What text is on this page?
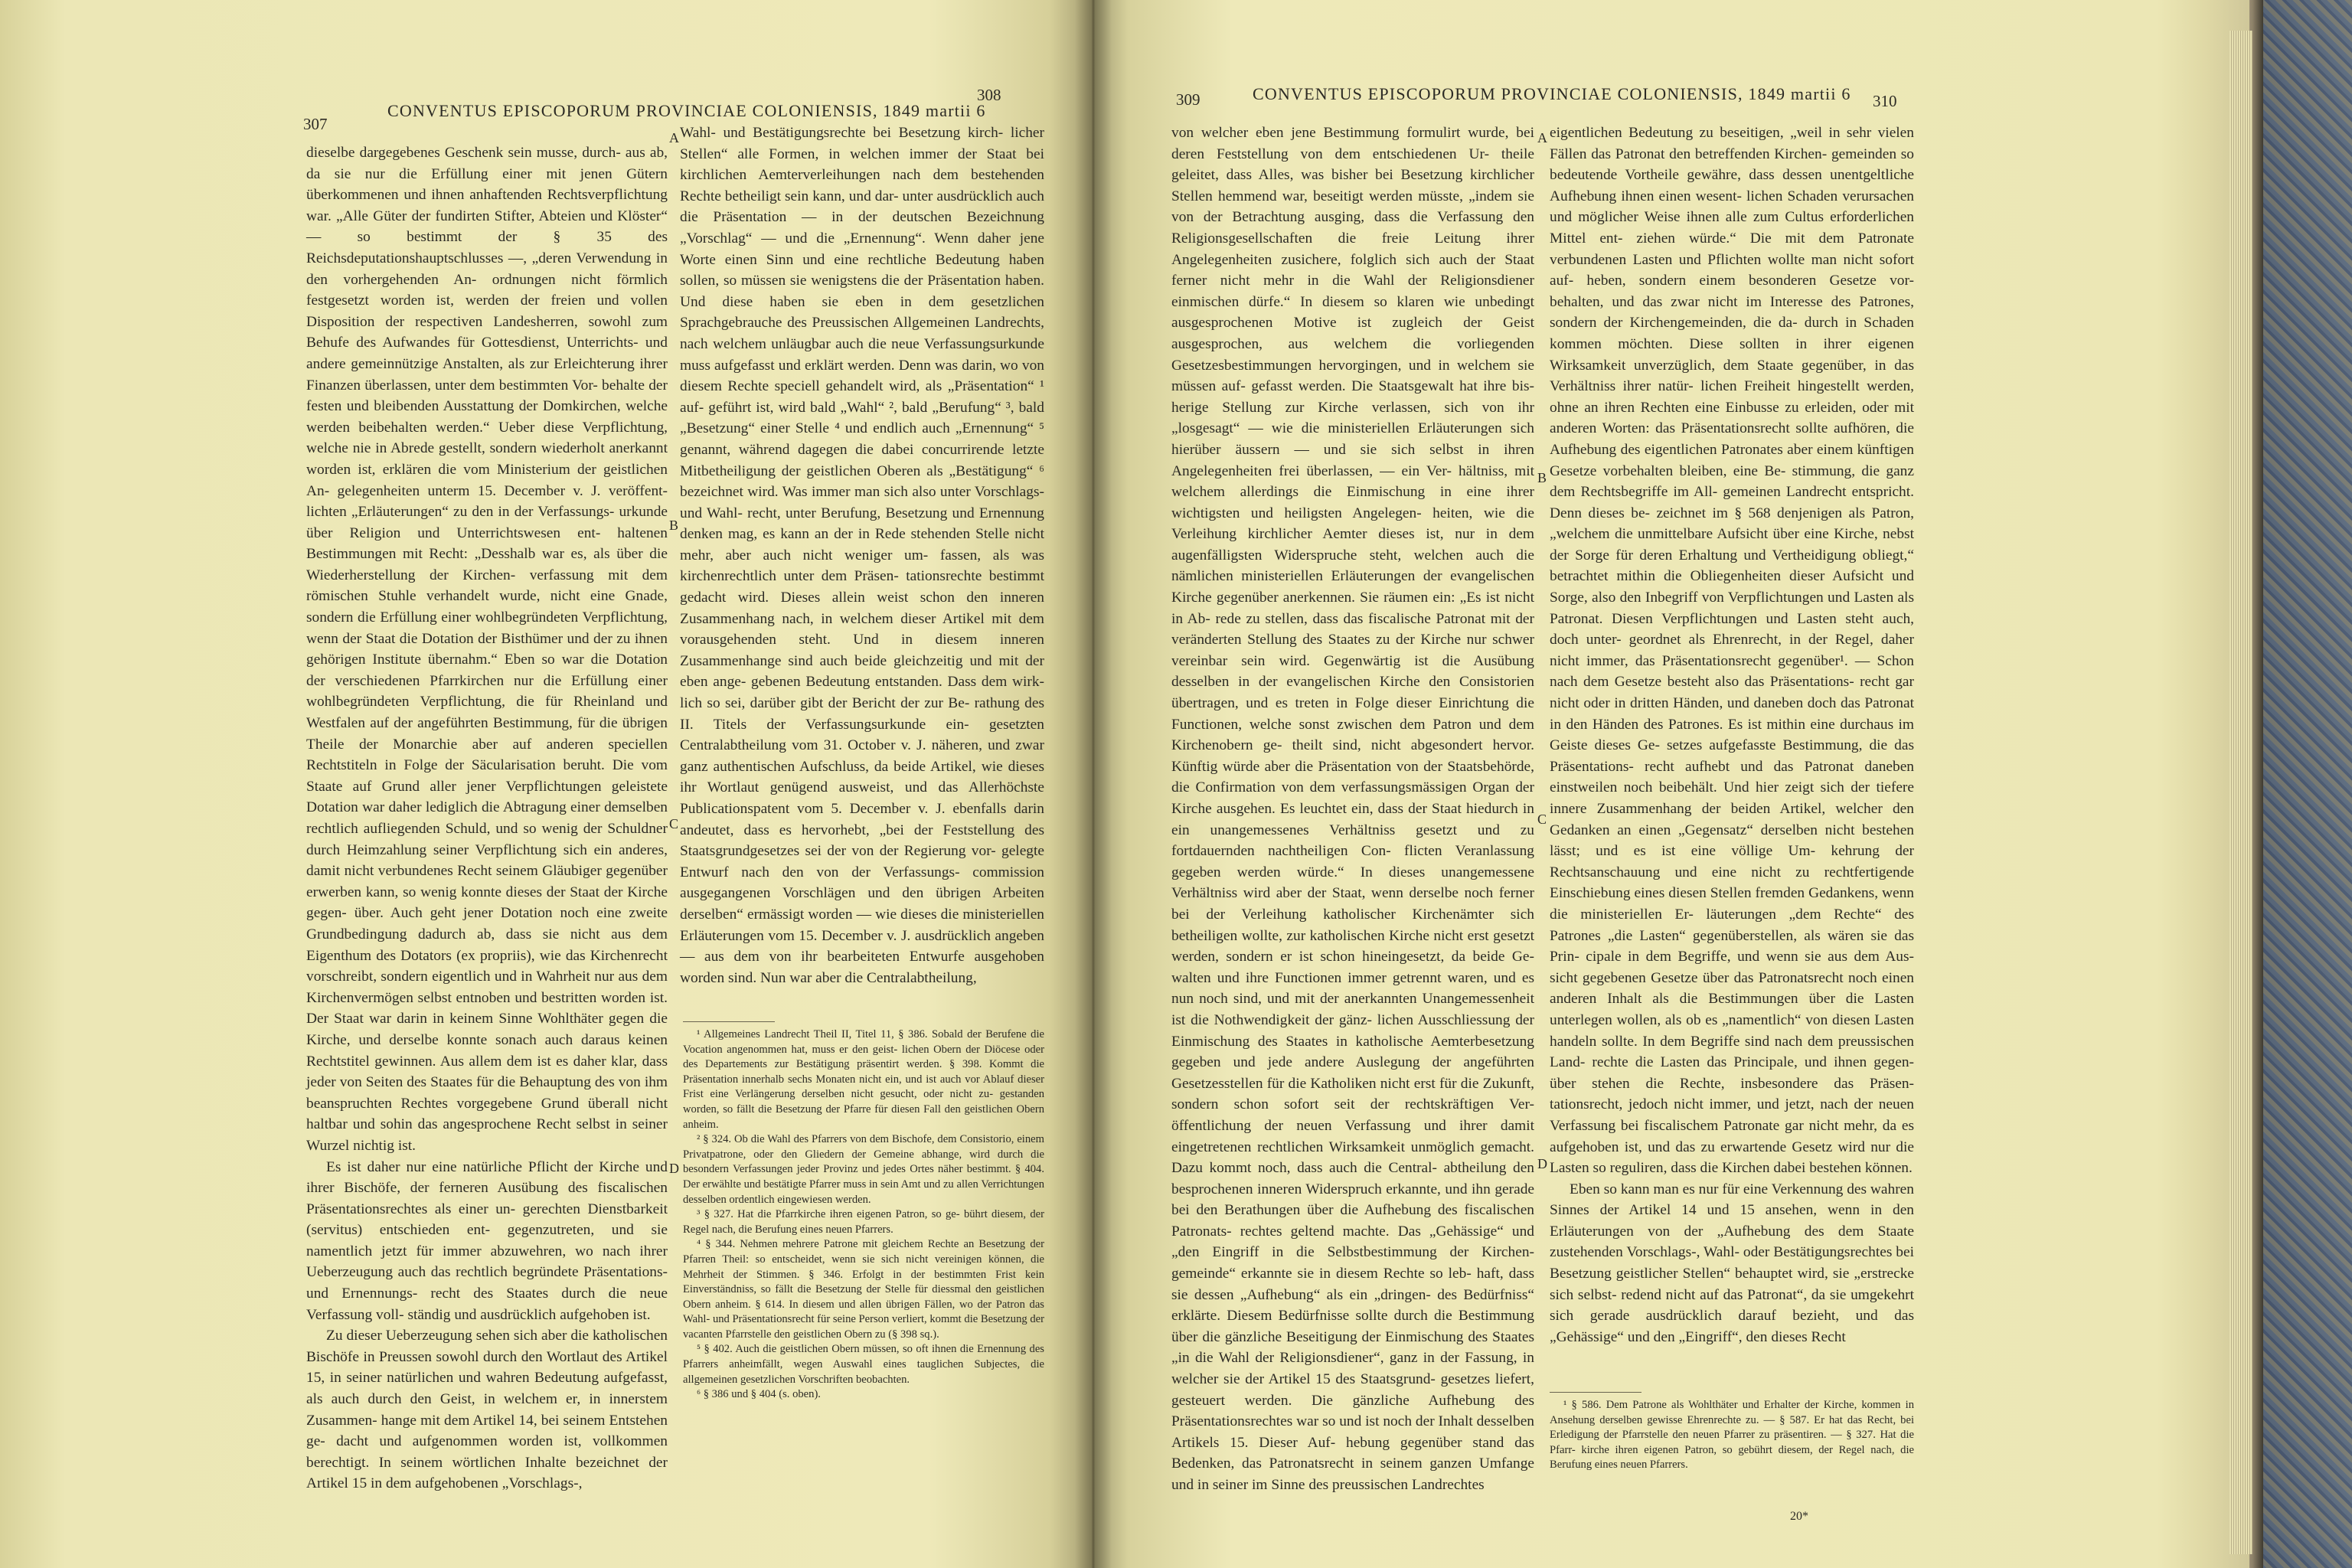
307
CONVENTUS EPISCOPORUM PROVINCIAE COLONIENSIS, 1849 martii 6
308	309	CONVENTUS EPISCOPORUM PROVINCIAE COLONIENSIS, 1849 martii 6 310

dieselbe dargegebenes Geschenk sein musse, durch- aus ab, da sie nur die Erfüllung einer mit jenen Gütern überkommenen und ihnen anhaftenden Rechtsverpflichtung war. „Alle Güter der fundirten Stifter, Abteien und Klöster“ — so bestimmt der § 35 des Reichsdeputationshauptschlusses —, „deren Verwendung in den vorhergehenden An- ordnungen nicht förmlich festgesetzt worden ist, werden der freien und vollen Disposition der respectiven Landesherren, sowohl zum Behufe des Aufwandes für Gottesdienst, Unterrichts- und andere gemeinnützige Anstalten, als zur Erleichterung ihrer Finanzen überlassen, unter dem bestimmten Vor- behalte der festen und bleibenden Ausstattung der Domkirchen, welche werden beibehalten werden.“ Ueber diese Verpflichtung, welche nie in Abrede gestellt, sondern wiederholt anerkannt worden ist, erklären die vom Ministerium der geistlichen An- gelegenheiten unterm 15. December v. J. veröffent- lichten „Erläuterungen“ zu den in der Verfassungs- urkunde über Religion und Unterrichtswesen ent- haltenen Bestimmungen mit Recht: „Desshalb war es, als über die Wiederherstellung der Kirchen- verfassung mit dem römischen Stuhle verhandelt wurde, nicht eine Gnade, sondern die Erfüllung einer wohlbegründeten Verpflichtung, wenn der Staat die Dotation der Bisthümer und der zu ihnen gehörigen Institute übernahm.“ Eben so war die Dotation der verschiedenen Pfarrkirchen nur die Erfüllung einer wohlbegründeten Verpflichtung, die für Rheinland und Westfalen auf der angeführten Bestimmung, für die übrigen Theile der Monarchie aber auf anderen speciellen Rechtstiteln in Folge der Säcularisation beruht. Die vom Staate auf Grund aller jener Verpflichtungen geleistete Dotation war daher lediglich die Abtragung einer demselben rechtlich aufliegenden Schuld, und so wenig der Schuldner durch Heimzahlung seiner Verpflichtung sich ein anderes, damit nicht verbundenes Recht seinem Gläubiger gegenüber erwerben kann, so wenig konnte dieses der Staat der Kirche gegen- über. Auch geht jener Dotation noch eine zweite Grundbedingung dadurch ab, dass sie nicht aus dem Eigenthum des Dotators (ex propriis), wie das Kirchenrecht vorschreibt, sondern eigentlich und in Wahrheit nur aus dem Kirchenvermögen selbst entnoben und bestritten worden ist. Der Staat war darin in keinem Sinne Wohlthäter gegen die Kirche, und derselbe konnte sonach auch daraus keinen Rechtstitel gewinnen. Aus allem dem ist es daher klar, dass jeder von Seiten des Staates für die Behauptung des von ihm beanspruchten Rechtes vorgegebene Grund überall nicht haltbar und sohin das angesprochene Recht selbst in seiner Wurzel nichtig ist.

Es ist daher nur eine natürliche Pflicht der Kirche und ihrer Bischöfe, der ferneren Ausübung des fiscalischen Präsentationsrechtes als einer un- gerechten Dienstbarkeit (servitus) entschieden ent- gegenzutreten, und sie namentlich jetzt für immer abzuwehren, wo nach ihrer Ueberzeugung auch das rechtlich begründete Präsentations- und Ernennungs- recht des Staates durch die neue Verfassung voll- ständig und ausdrücklich aufgehoben ist.

Zu dieser Ueberzeugung sehen sich aber die katholischen Bischöfe in Preussen sowohl durch den Wortlaut des Artikel 15, in seiner natürlichen und wahren Bedeutung aufgefasst, als auch durch den Geist, in welchem er, in innerstem Zusammen- hange mit dem Artikel 14, bei seinem Entstehen ge- dacht und aufgenommen worden ist, vollkommen berechtigt. In seinem wörtlichen Inhalte bezeichnet der Artikel 15 in dem aufgehobenen „Vorschlags-,

Wahl- und Bestätigungsrechte bei Besetzung kirch- licher Stellen“ alle Formen, in welchen immer der Staat bei kirchlichen Aemterverleihungen nach dem bestehenden Rechte betheiligt sein kann, und dar- unter ausdrücklich auch die Präsentation — in der deutschen Bezeichnung „Vorschlag“ — und die „Ernennung“. Wenn daher jene Worte einen Sinn und eine rechtliche Bedeutung haben sollen, so müssen sie wenigstens die der Präsentation haben. Und diese haben sie eben in dem gesetzlichen Sprachgebrauche des Preussischen Allgemeinen Landrechts, nach welchem unläugbar auch die neue Verfassungsurkunde muss aufgefasst und erklärt werden. Denn was darin, wo von diesem Rechte speciell gehandelt wird, als „Präsentation“ ¹ auf- geführt ist, wird bald „Wahl“ ², bald „Berufung“ ³, bald „Besetzung“ einer Stelle ⁴ und endlich auch „Ernennung“ ⁵ genannt, während dagegen die dabei concurrirende letzte Mitbetheiligung der geistlichen Oberen als „Bestätigung“ ⁶ bezeichnet wird. Was immer man sich also unter Vorschlags- und Wahl- recht, unter Berufung, Besetzung und Ernennung denken mag, es kann an der in Rede stehenden Stelle nicht mehr, aber auch nicht weniger um- fassen, als was kirchenrechtlich unter dem Präsen- tationsrechte bestimmt gedacht wird. Dieses allein weist schon den inneren Zusammenhang nach, in welchem dieser Artikel mit dem vorausgehenden steht. Und in diesem inneren Zusammenhange sind auch beide gleichzeitig und mit der eben ange- gebenen Bedeutung entstanden. Dass dem wirk- lich so sei, darüber gibt der Bericht der zur Be- rathung des II. Titels der Verfassungsurkunde ein- gesetzten Centralabtheilung vom 31. October v. J. näheren, und zwar ganz authentischen Aufschluss, da beide Artikel, wie dieses ihr Wortlaut genügend ausweist, und das Allerhöchste Publicationspatent vom 5. December v. J. ebenfalls darin andeutet, dass es hervorhebt, „bei der Feststellung des Staatsgrundgesetzes sei der von der Regierung vor- gelegte Entwurf nach den von der Verfassungs- commission ausgegangenen Vorschlägen und den übrigen Arbeiten derselben“ ermässigt worden — wie dieses die ministeriellen Erläuterungen vom 15. December v. J. ausdrücklich angeben — aus dem von ihr bearbeiteten Entwurfe ausgehoben worden sind. Nun war aber die Centralabtheilung,

¹ Allgemeines Landrecht Theil II, Titel 11, § 386. Sobald der Berufene die Vocation angenommen hat, muss er den geist- lichen Obern der Diöcese oder des Departements zur Bestätigung präsentirt werden. § 398. Kommt die Präsentation innerhalb sechs Monaten nicht ein, und ist auch vor Ablauf dieser Frist eine Verlängerung derselben nicht gesucht, oder nicht zu- gestanden worden, so fällt die Besetzung der Pfarre für diesen Fall den geistlichen Obern anheim.

² § 324. Ob die Wahl des Pfarrers von dem Bischofe, dem Consistorio, einem Privatpatrone, oder den Gliedern der Gemeine abhange, wird durch die besondern Verfassungen jeder Provinz und jedes Ortes näher bestimmt. § 404. Der erwählte und bestätigte Pfarrer muss in sein Amt und zu allen Verrichtungen desselben ordentlich eingewiesen werden.

³ § 327. Hat die Pfarrkirche ihren eigenen Patron, so ge- bührt diesem, der Regel nach, die Berufung eines neuen Pfarrers.

⁴ § 344. Nehmen mehrere Patrone mit gleichem Rechte an Besetzung der Pfarren Theil: so entscheidet, wenn sie sich nicht vereinigen können, die Mehrheit der Stimmen. § 346. Erfolgt in der bestimmten Frist kein Einverständniss, so fällt die Besetzung der Stelle für diessmal den geistlichen Obern anheim. § 614. In diesem und allen übrigen Fällen, wo der Patron das Wahl- und Präsentationsrecht für seine Person verliert, kommt die Besetzung der vacanten Pfarrstelle den geistlichen Obern zu (§ 398 sq.).

⁵ § 402. Auch die geistlichen Obern müssen, so oft ihnen die Ernennung des Pfarrers anheimfällt, wegen Auswahl eines tauglichen Subjectes, die allgemeinen gesetzlichen Vorschriften beobachten.

⁶ § 386 und § 404 (s. oben).

A
B
C
D

von welcher eben jene Bestimmung formulirt wurde, bei deren Feststellung von dem entschiedenen Ur- theile geleitet, dass Alles, was bisher bei Besetzung kirchlicher Stellen hemmend war, beseitigt werden müsste, „indem sie von der Betrachtung ausging, dass die Verfassung den Religionsgesellschaften die freie Leitung ihrer Angelegenheiten zusichere, folglich sich auch der Staat ferner nicht mehr in die Wahl der Religionsdiener einmischen dürfe.“ In diesem so klaren wie unbedingt ausgesprochenen Motive ist zugleich der Geist ausgesprochen, aus welchem die vorliegenden Gesetzesbestimmungen hervorgingen, und in welchem sie müssen auf- gefasst werden. Die Staatsgewalt hat ihre bis- herige Stellung zur Kirche verlassen, sich von ihr „losgesagt“ — wie die ministeriellen Erläuterungen sich hierüber äussern — und sie sich selbst in ihren Angelegenheiten frei überlassen, — ein Ver- hältniss, mit welchem allerdings die Einmischung in eine ihrer wichtigsten und heiligsten Angelegen- heiten, wie die Verleihung kirchlicher Aemter dieses ist, nur in dem augenfälligsten Widerspruche steht, welchen auch die nämlichen ministeriellen Erläuterungen der evangelischen Kirche gegenüber anerkennen. Sie räumen ein: „Es ist nicht in Ab- rede zu stellen, dass das fiscalische Patronat mit der veränderten Stellung des Staates zu der Kirche nur schwer vereinbar sein wird. Gegenwärtig ist die Ausübung desselben in der evangelischen Kirche den Consistorien übertragen, und es treten in Folge dieser Einrichtung die Functionen, welche sonst zwischen dem Patron und dem Kirchenobern ge- theilt sind, nicht abgesondert hervor. Künftig würde aber die Präsentation von der Staatsbehörde, die Confirmation von dem verfassungsmässigen Organ der Kirche ausgehen. Es leuchtet ein, dass der Staat hiedurch in ein unangemessenes Verhältniss gesetzt und zu fortdauernden nachtheiligen Con- flicten Veranlassung gegeben werden würde.“ In dieses unangemessene Verhältniss wird aber der Staat, wenn derselbe noch ferner bei der Verleihung katholischer Kirchenämter sich betheiligen wollte, zur katholischen Kirche nicht erst gesetzt werden, sondern er ist schon hineingesetzt, da beide Ge- walten und ihre Functionen immer getrennt waren, und es nun noch sind, und mit der anerkannten Unangemessenheit ist die Nothwendigkeit der gänz- lichen Ausschliessung der Einmischung des Staates in katholische Aemterbesetzung gegeben und jede andere Auslegung der angeführten Gesetzesstellen für die Katholiken nicht erst für die Zukunft, sondern schon sofort seit der rechtskräftigen Ver- öffentlichung der neuen Verfassung und ihrer damit eingetretenen rechtlichen Wirksamkeit unmöglich gemacht. Dazu kommt noch, dass auch die Central- abtheilung den besprochenen inneren Widerspruch erkannte, und ihn gerade bei den Berathungen über die Aufhebung des fiscalischen Patronats- rechtes geltend machte. Das „Gehässige“ und „den Eingriff in die Selbstbestimmung der Kirchen- gemeinde“ erkannte sie in diesem Rechte so leb- haft, dass sie dessen „Aufhebung“ als ein „dringen- des Bedürfniss“ erklärte. Diesem Bedürfnisse sollte durch die Bestimmung über die gänzliche Beseitigung der Einmischung des Staates „in die Wahl der Religionsdiener“, ganz in der Fassung, in welcher sie der Artikel 15 des Staatsgrund- gesetzes liefert, gesteuert werden. Die gänzliche Aufhebung des Präsentationsrechtes war so und ist noch der Inhalt desselben Artikels 15. Dieser Auf- hebung gegenüber stand das Bedenken, das Patronatsrecht in seinem ganzen Umfange und in seiner im Sinne des preussischen Landrechtes

eigentlichen Bedeutung zu beseitigen, „weil in sehr vielen Fällen das Patronat den betreffenden Kirchen- gemeinden so bedeutende Vortheile gewähre, dass dessen unentgeltliche Aufhebung ihnen einen wesent- lichen Schaden verursachen und möglicher Weise ihnen alle zum Cultus erforderlichen Mittel ent- ziehen würde.“ Die mit dem Patronate verbundenen Lasten und Pflichten wollte man nicht sofort auf- heben, sondern einem besonderen Gesetze vor- behalten, und das zwar nicht im Interesse des Patrones, sondern der Kirchengemeinden, die da- durch in Schaden kommen möchten. Diese sollten in ihrer eigenen Wirksamkeit unverzüglich, dem Staate gegenüber, in das Verhältniss ihrer natür- lichen Freiheit hingestellt werden, ohne an ihren Rechten eine Einbusse zu erleiden, oder mit anderen Worten: das Präsentationsrecht sollte aufhören, die Aufhebung des eigentlichen Patronates aber einem künftigen Gesetze vorbehalten bleiben, eine Be- stimmung, die ganz dem Rechtsbegriffe im All- gemeinen Landrecht entspricht. Denn dieses be- zeichnet im § 568 denjenigen als Patron, „welchem die unmittelbare Aufsicht über eine Kirche, nebst der Sorge für deren Erhaltung und Vertheidigung obliegt,“ betrachtet mithin die Obliegenheiten dieser Aufsicht und Sorge, also den Inbegriff von Verpflichtungen und Lasten als Patronat. Diesen Verpflichtungen und Lasten steht auch, doch unter- geordnet als Ehrenrecht, in der Regel, daher nicht immer, das Präsentationsrecht gegenüber¹. — Schon nach dem Gesetze besteht also das Präsentations- recht gar nicht oder in dritten Händen, und daneben doch das Patronat in den Händen des Patrones. Es ist mithin eine durchaus im Geiste dieses Ge- setzes aufgefasste Bestimmung, die das Präsentations- recht aufhebt und das Patronat daneben einstweilen noch beibehält. Und hier zeigt sich der tiefere innere Zusammenhang der beiden Artikel, welcher den Gedanken an einen „Gegensatz“ derselben nicht bestehen lässt; und es ist eine völlige Um- kehrung der Rechtsanschauung und eine nicht zu rechtfertigende Einschiebung eines diesen Stellen fremden Gedankens, wenn die ministeriellen Er- läuterungen „dem Rechte“ des Patrones „die Lasten“ gegenüberstellen, als wären sie das Prin- cipale in dem Begriffe, und wenn sie aus dem Aus- sicht gegebenen Gesetze über das Patronatsrecht noch einen anderen Inhalt als die Bestimmungen über die Lasten unterlegen wollen, als ob es „namentlich“ von diesen Lasten handeln sollte. In dem Begriffe sind nach dem preussischen Land- rechte die Lasten das Principale, und ihnen gegen- über stehen die Rechte, insbesondere das Präsen- tationsrecht, jedoch nicht immer, und jetzt, nach der neuen Verfassung bei fiscalischem Patronate gar nicht mehr, da es aufgehoben ist, und das zu erwartende Gesetz wird nur die Lasten so reguliren, dass die Kirchen dabei bestehen können.

Eben so kann man es nur für eine Verkennung des wahren Sinnes der Artikel 14 und 15 ansehen, wenn in den Erläuterungen von der „Aufhebung des dem Staate zustehenden Vorschlags-, Wahl- oder Bestätigungsrechtes bei Besetzung geistlicher Stellen“ behauptet wird, sie „erstrecke sich selbst- redend nicht auf das Patronat“, da sie umgekehrt sich gerade ausdrücklich darauf bezieht, und das „Gehässige“ und den „Eingriff“, den dieses Recht

¹ § 586. Dem Patrone als Wohlthäter und Erhalter der Kirche, kommen in Ansehung derselben gewisse Ehrenrechte zu. — § 587. Er hat das Recht, bei Erledigung der Pfarrstelle den neuen Pfarrer zu präsentiren. — § 327. Hat die Pfarr- kirche ihren eigenen Patron, so gebührt diesem, der Regel nach, die Berufung eines neuen Pfarrers.

20*
A
B
C
D
